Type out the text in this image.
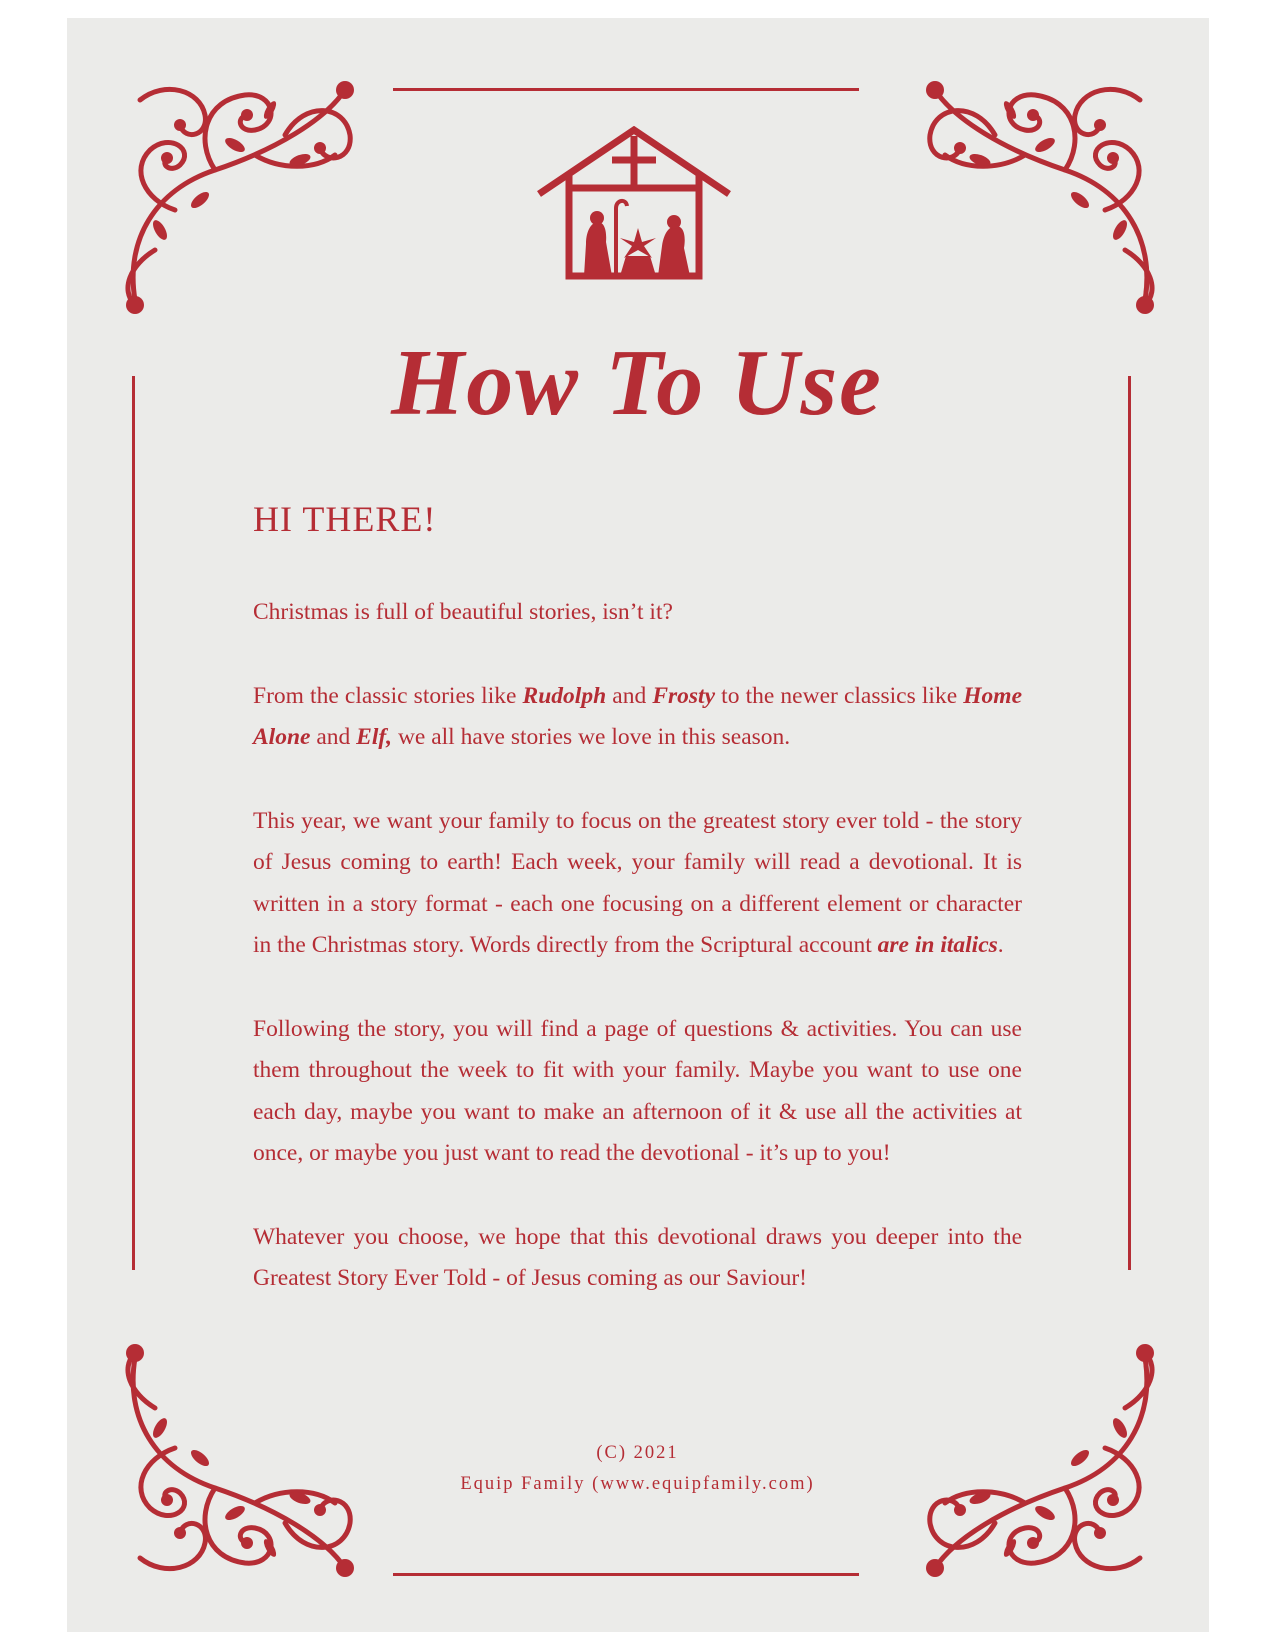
How To Use
HI THERE!

Christmas is full of beautiful stories, isn’t it?

From the classic stories like Rudolph and Frosty to the newer classics like Home Alone and Elf, we all have stories we love in this season.

This year, we want your family to focus on the greatest story ever told - the story of Jesus coming to earth! Each week, your family will read a devotional. It is written in a story format - each one focusing on a different element or character in the Christmas story. Words directly from the Scriptural account are in italics.

Following the story, you will find a page of questions & activities. You can use them throughout the week to fit with your family. Maybe you want to use one each day, maybe you want to make an afternoon of it & use all the activities at once, or maybe you just want to read the devotional - it’s up to you!

Whatever you choose, we hope that this devotional draws you deeper into the Greatest Story Ever Told - of Jesus coming as our Saviour!

(C) 2021
Equip Family (www.equipfamily.com)
